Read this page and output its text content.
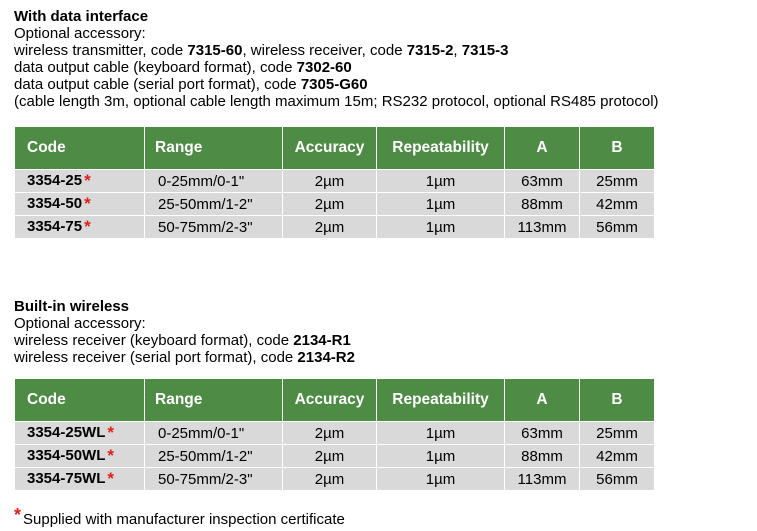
With data interface
Optional accessory:
wireless transmitter, code 7315-60, wireless receiver, code 7315-2, 7315-3
data output cable (keyboard format), code 7302-60
data output cable (serial port format), code 7305-G60
(cable length 3m, optional cable length maximum 15m; RS232 protocol, optional RS485 protocol)
Code	Range	Accuracy	Repeatability	A	B
3354-25 *	0-25mm/0-1"	2µm	1µm	63mm	25mm
3354-50 *	25-50mm/1-2"	2µm	1µm	88mm	42mm
3354-75 *	50-75mm/2-3"	2µm	1µm	113mm	56mm
Built-in wireless
Optional accessory:
wireless receiver (keyboard format), code 2134-R1
wireless receiver (serial port format), code 2134-R2
Code	Range	Accuracy	Repeatability	A	B
3354-25WL *	0-25mm/0-1"	2µm	1µm	63mm	25mm
3354-50WL *	25-50mm/1-2"	2µm	1µm	88mm	42mm
3354-75WL *	50-75mm/2-3"	2µm	1µm	113mm	56mm
* Supplied with manufacturer inspection certificate
